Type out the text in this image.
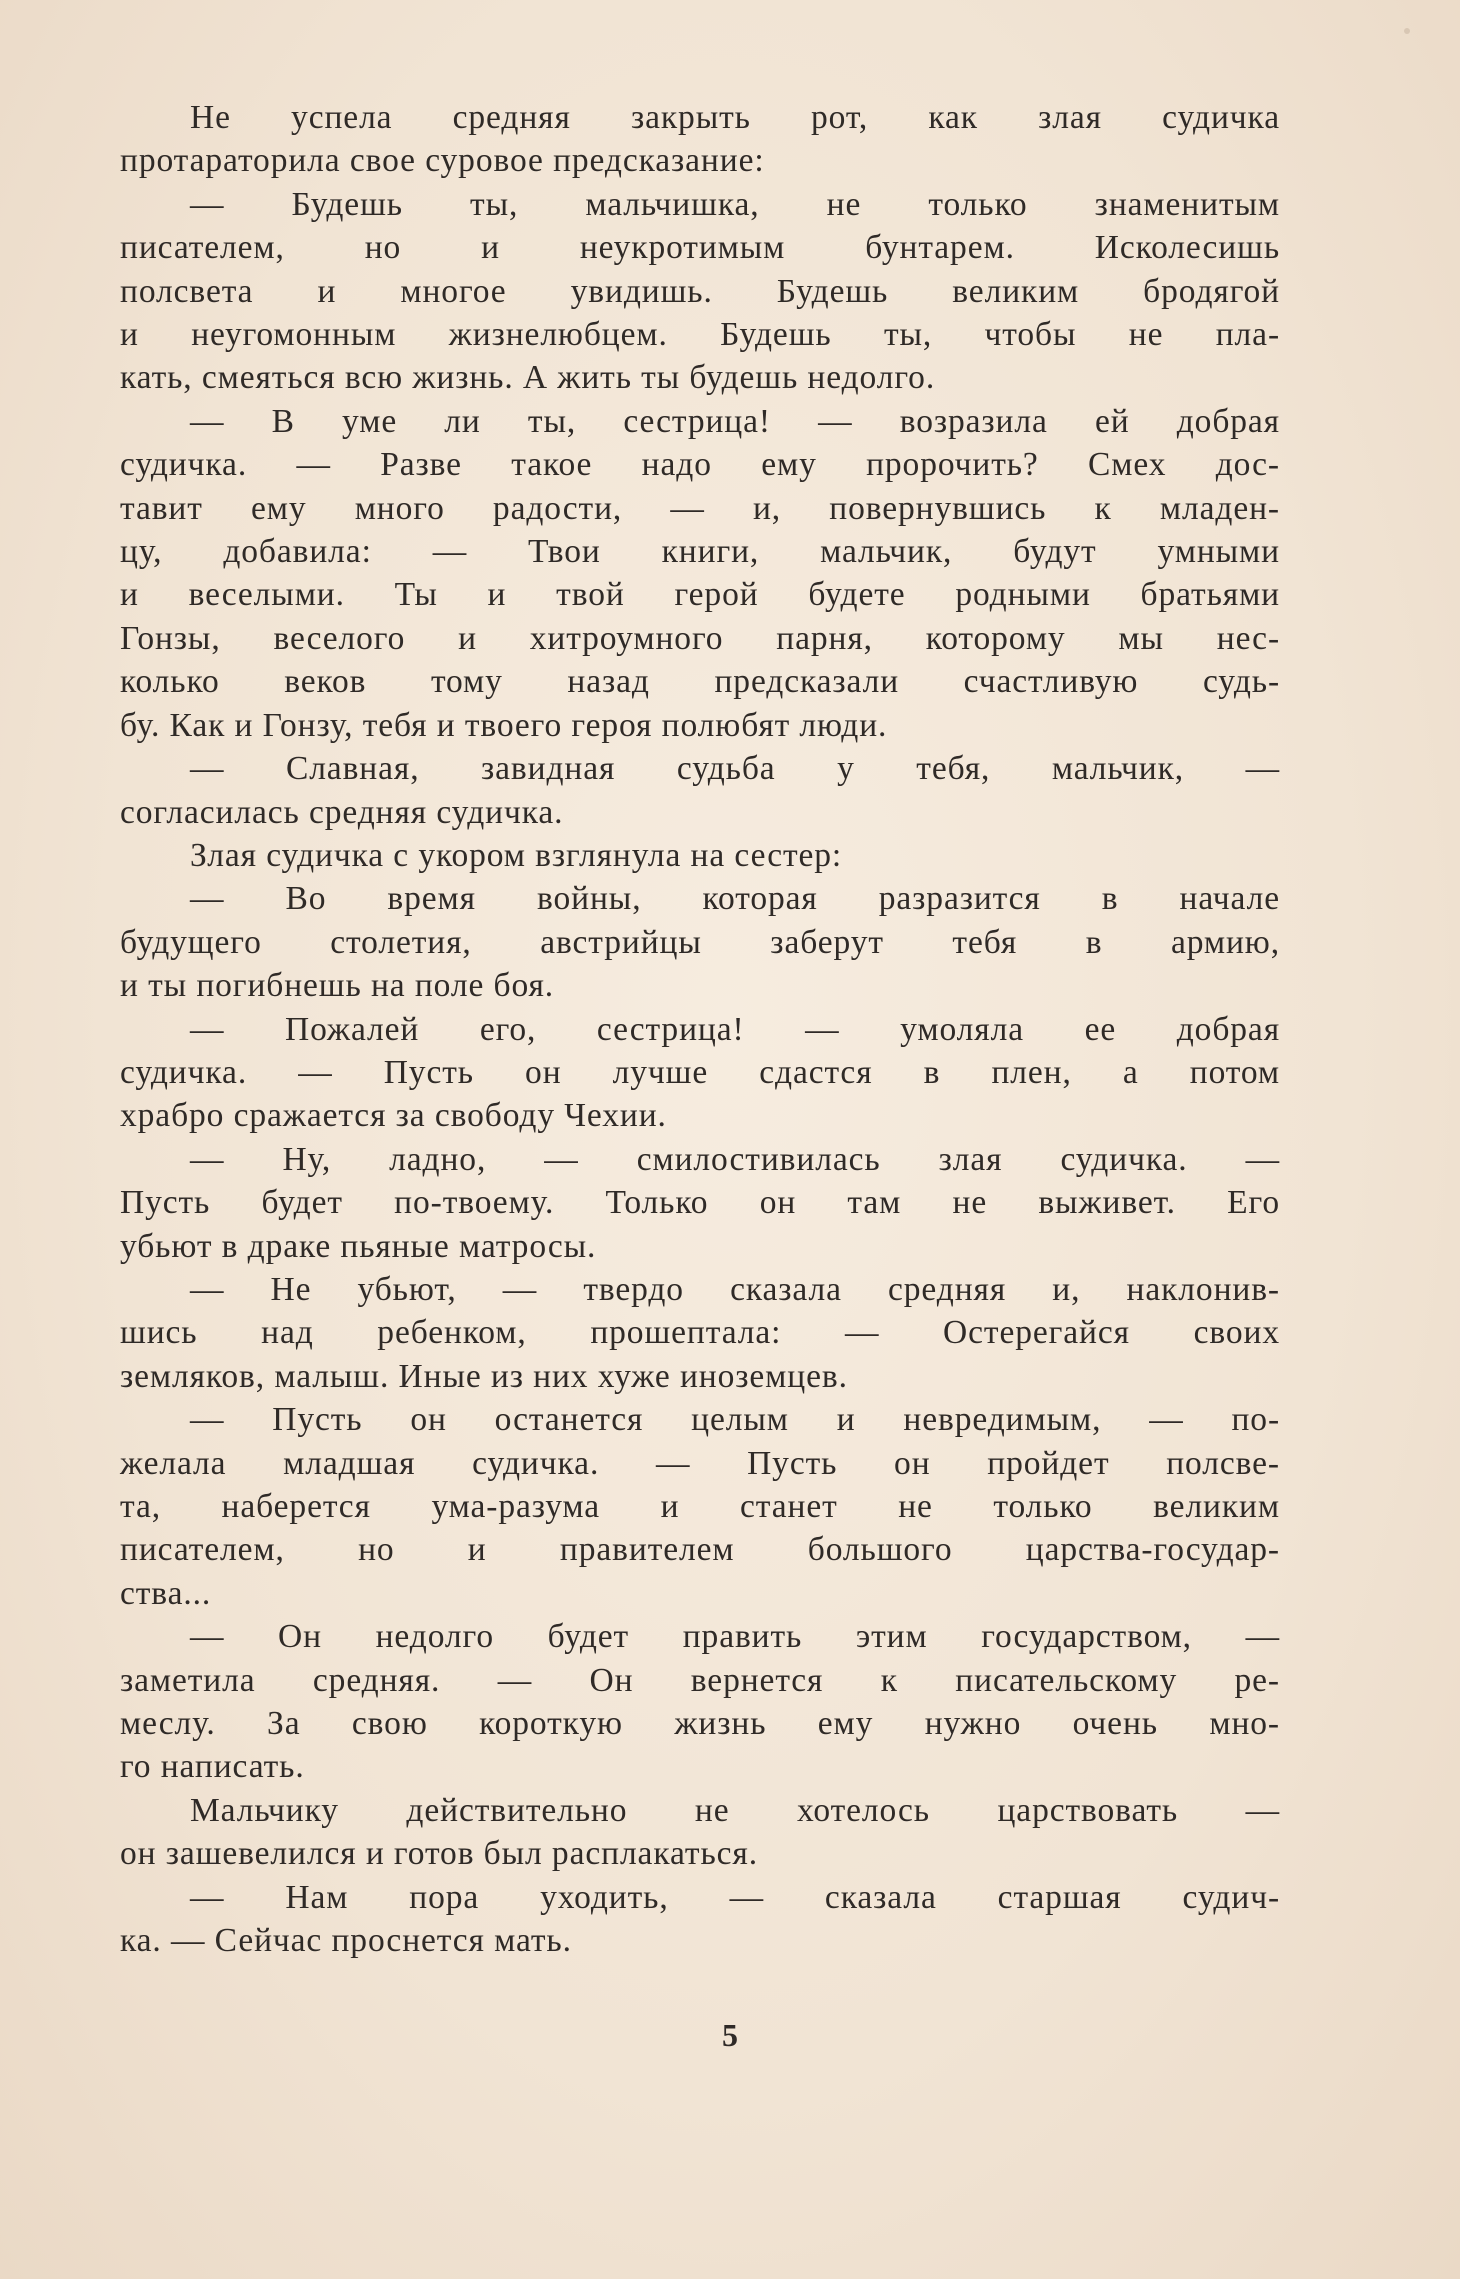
Не успела средняя закрыть рот, как злая судичка
протараторила свое суровое предсказание:
— Будешь ты, мальчишка, не только знаменитым
писателем, но и неукротимым бунтарем. Исколесишь
полсвета и многое увидишь. Будешь великим бродягой
и неугомонным жизнелюбцем. Будешь ты, чтобы не пла-
кать, смеяться всю жизнь. А жить ты будешь недолго.
— В уме ли ты, сестрица! — возразила ей добрая
судичка. — Разве такое надо ему пророчить? Смех дос-
тавит ему много радости, — и, повернувшись к младен-
цу, добавила: — Твои книги, мальчик, будут умными
и веселыми. Ты и твой герой будете родными братьями
Гонзы, веселого и хитроумного парня, которому мы нес-
колько веков тому назад предсказали счастливую судь-
бу. Как и Гонзу, тебя и твоего героя полюбят люди.
— Славная, завидная судьба у тебя, мальчик, —
согласилась средняя судичка.
Злая судичка с укором взглянула на сестер:
— Во время войны, которая разразится в начале
будущего столетия, австрийцы заберут тебя в армию,
и ты погибнешь на поле боя.
— Пожалей его, сестрица! — умоляла ее добрая
судичка. — Пусть он лучше сдастся в плен, а потом
храбро сражается за свободу Чехии.
— Ну, ладно, — смилостивилась злая судичка. —
Пусть будет по-твоему. Только он там не выживет. Его
убьют в драке пьяные матросы.
— Не убьют, — твердо сказала средняя и, наклонив-
шись над ребенком, прошептала: — Остерегайся своих
земляков, малыш. Иные из них хуже иноземцев.
— Пусть он останется целым и невредимым, — по-
желала младшая судичка. — Пусть он пройдет полсве-
та, наберется ума-разума и станет не только великим
писателем, но и правителем большого царства-государ-
ства...
— Он недолго будет править этим государством, —
заметила средняя. — Он вернется к писательскому ре-
меслу. За свою короткую жизнь ему нужно очень мно-
го написать.
Мальчику действительно не хотелось царствовать —
он зашевелился и готов был расплакаться.
— Нам пора уходить, — сказала старшая судич-
ка. — Сейчас проснется мать.
5
